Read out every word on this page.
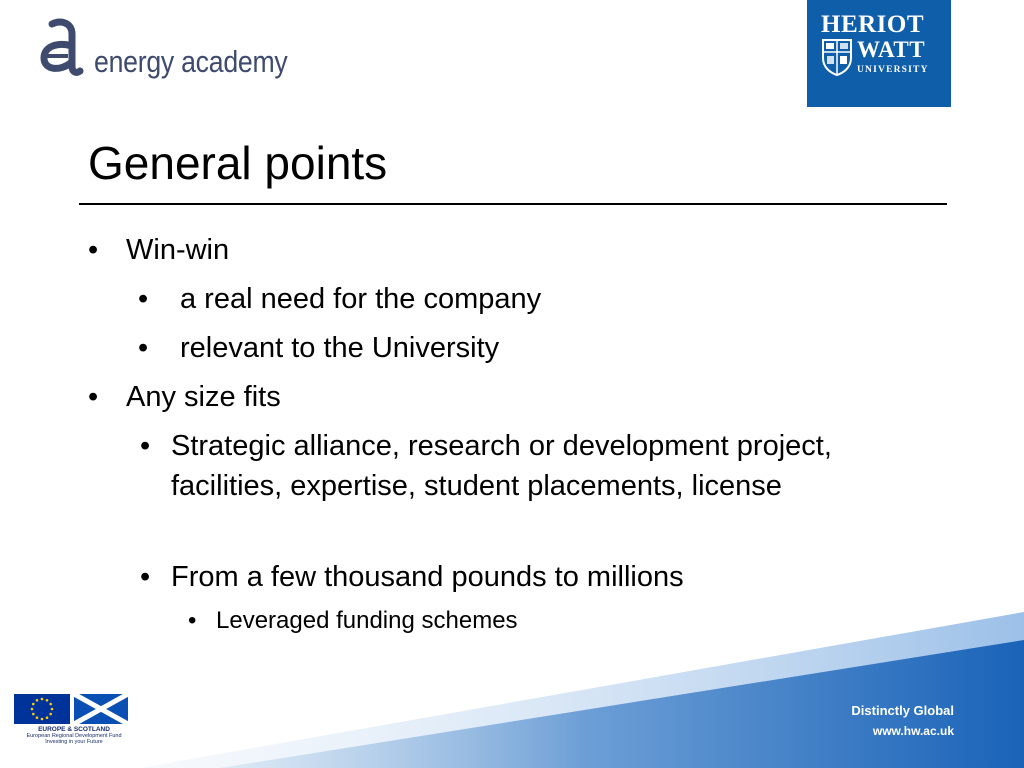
energy academy
HERIOT
WATT
UNIVERSITY
General points
• Win-win
• a real need for the company
• relevant to the University
• Any size fits
• Strategic alliance, research or development project, facilities, expertise, student placements, license
• From a few thousand pounds to millions
• Leveraged funding schemes
EUROPE & SCOTLAND
European Regional Development Fund
Investing in your Future
Distinctly Global
www.hw.ac.uk
